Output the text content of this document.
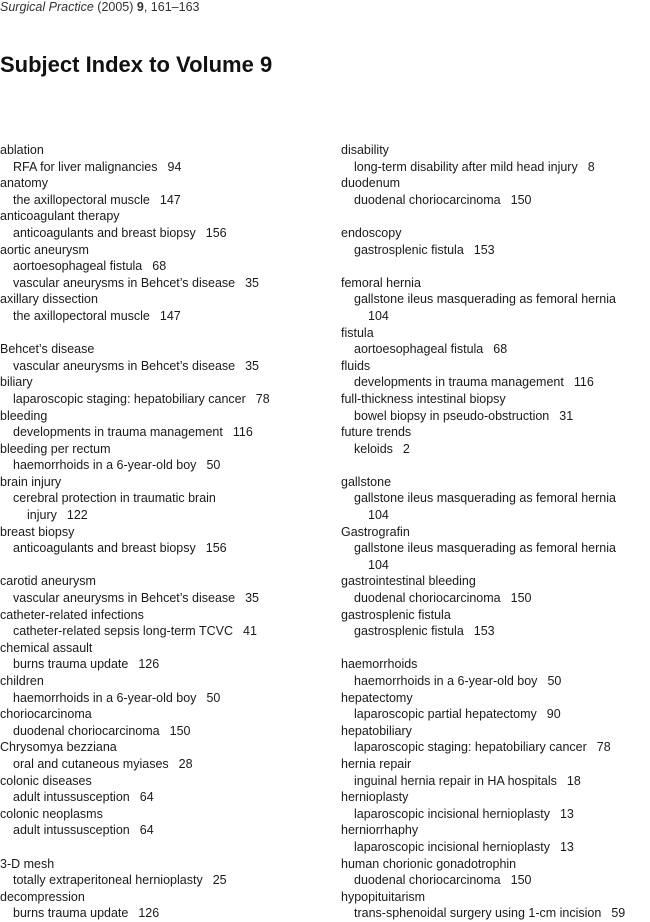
Surgical Practice (2005) 9, 161–163
Subject Index to Volume 9
ablation
RFA for liver malignancies 94
anatomy
the axillopectoral muscle 147
anticoagulant therapy
anticoagulants and breast biopsy 156
aortic aneurysm
aortoesophageal fistula 68
vascular aneurysms in Behcet’s disease 35
axillary dissection
the axillopectoral muscle 147
Behcet’s disease
vascular aneurysms in Behcet’s disease 35
biliary
laparoscopic staging: hepatobiliary cancer 78
bleeding
developments in trauma management 116
bleeding per rectum
haemorrhoids in a 6-year-old boy 50
brain injury
cerebral protection in traumatic brain
injury 122
breast biopsy
anticoagulants and breast biopsy 156
carotid aneurysm
vascular aneurysms in Behcet’s disease 35
catheter-related infections
catheter-related sepsis long-term TCVC 41
chemical assault
burns trauma update 126
children
haemorrhoids in a 6-year-old boy 50
choriocarcinoma
duodenal choriocarcinoma 150
Chrysomya bezziana
oral and cutaneous myiases 28
colonic diseases
adult intussusception 64
colonic neoplasms
adult intussusception 64
3-D mesh
totally extraperitoneal hernioplasty 25
decompression
burns trauma update 126
disability
long-term disability after mild head injury 8
duodenum
duodenal choriocarcinoma 150
endoscopy
gastrosplenic fistula 153
femoral hernia
gallstone ileus masquerading as femoral hernia
104
fistula
aortoesophageal fistula 68
fluids
developments in trauma management 116
full-thickness intestinal biopsy
bowel biopsy in pseudo-obstruction 31
future trends
keloids 2
gallstone
gallstone ileus masquerading as femoral hernia
104
Gastrografin
gallstone ileus masquerading as femoral hernia
104
gastrointestinal bleeding
duodenal choriocarcinoma 150
gastrosplenic fistula
gastrosplenic fistula 153
haemorrhoids
haemorrhoids in a 6-year-old boy 50
hepatectomy
laparoscopic partial hepatectomy 90
hepatobiliary
laparoscopic staging: hepatobiliary cancer 78
hernia repair
inguinal hernia repair in HA hospitals 18
hernioplasty
laparoscopic incisional hernioplasty 13
herniorrhaphy
laparoscopic incisional hernioplasty 13
human chorionic gonadotrophin
duodenal choriocarcinoma 150
hypopituitarism
trans-sphenoidal surgery using 1-cm incision 59
